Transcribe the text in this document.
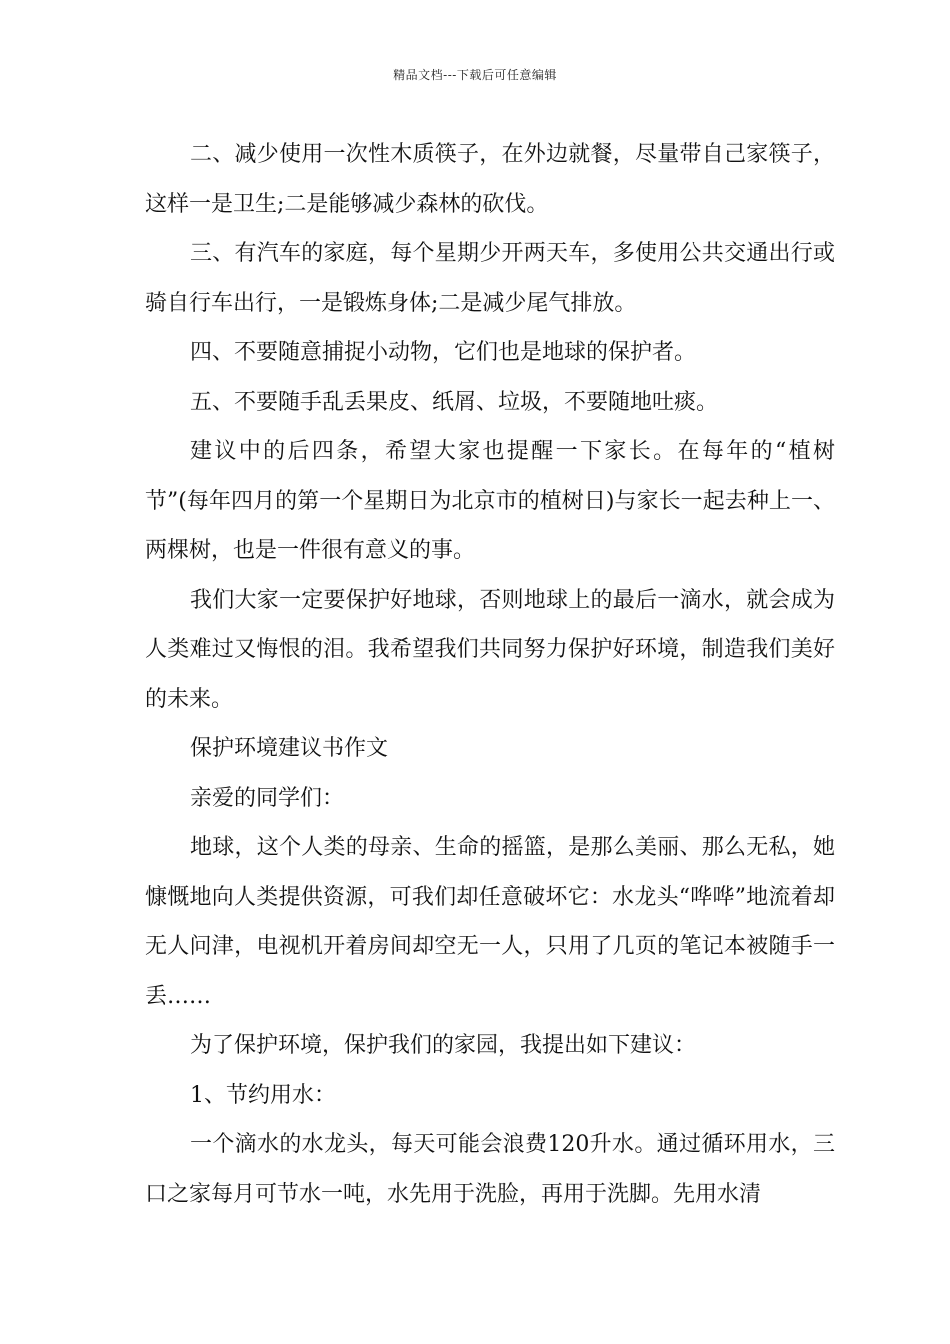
精品文档---下载后可任意编辑

二、减少使用一次性木质筷子，在外边就餐，尽量带自己家筷子，这样一是卫生;二是能够减少森林的砍伐。

三、有汽车的家庭，每个星期少开两天车，多使用公共交通出行或骑自行车出行，一是锻炼身体;二是减少尾气排放。

四、不要随意捕捉小动物，它们也是地球的保护者。

五、不要随手乱丢果皮、纸屑、垃圾，不要随地吐痰。

建议中的后四条，希望大家也提醒一下家长。在每年的“植树节”(每年四月的第一个星期日为北京市的植树日)与家长一起去种上一、两棵树，也是一件很有意义的事。

我们大家一定要保护好地球，否则地球上的最后一滴水，就会成为人类难过又悔恨的泪。我希望我们共同努力保护好环境，制造我们美好的未来。

保护环境建议书作文

亲爱的同学们：

地球，这个人类的母亲、生命的摇篮，是那么美丽、那么无私，她慷慨地向人类提供资源，可我们却任意破坏它：水龙头“哗哗”地流着却无人问津，电视机开着房间却空无一人，只用了几页的笔记本被随手一丢……

为了保护环境，保护我们的家园，我提出如下建议：

1、节约用水：

一个滴水的水龙头，每天可能会浪费120升水。通过循环用水，三口之家每月可节水一吨，水先用于洗脸，再用于洗脚。先用水清
